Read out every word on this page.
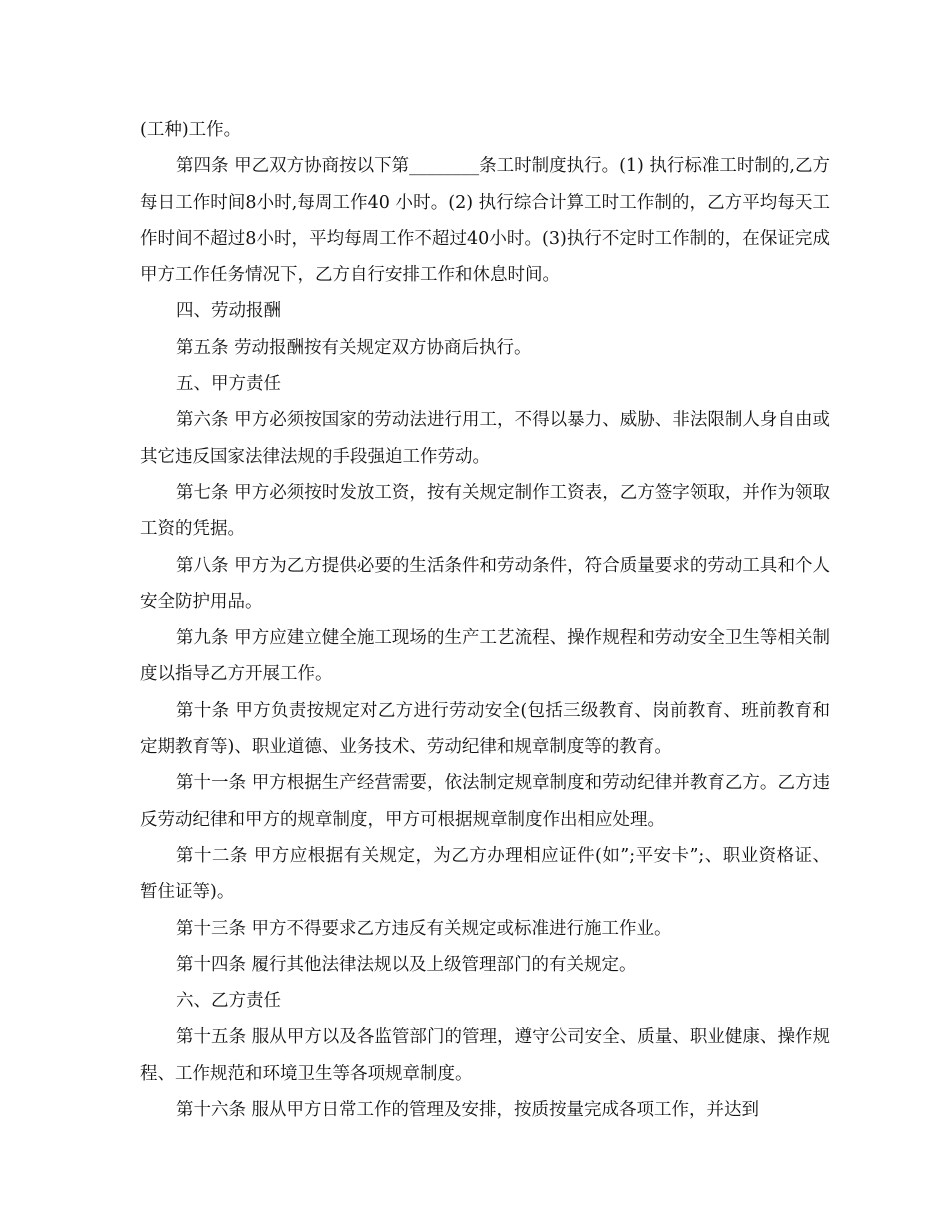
(工种)工作。

第四条 甲乙双方协商按以下第________条工时制度执行。(1) 执行标准工时制的,乙方每日工作时间8小时,每周工作40 小时。(2) 执行综合计算工时工作制的，乙方平均每天工作时间不超过8小时，平均每周工作不超过40小时。(3)执行不定时工作制的，在保证完成甲方工作任务情况下，乙方自行安排工作和休息时间。

四、劳动报酬

第五条 劳动报酬按有关规定双方协商后执行。

五、甲方责任

第六条 甲方必须按国家的劳动法进行用工，不得以暴力、威胁、非法限制人身自由或其它违反国家法律法规的手段强迫工作劳动。

第七条 甲方必须按时发放工资，按有关规定制作工资表，乙方签字领取，并作为领取工资的凭据。

第八条 甲方为乙方提供必要的生活条件和劳动条件，符合质量要求的劳动工具和个人安全防护用品。

第九条 甲方应建立健全施工现场的生产工艺流程、操作规程和劳动安全卫生等相关制度以指导乙方开展工作。

第十条 甲方负责按规定对乙方进行劳动安全(包括三级教育、岗前教育、班前教育和定期教育等)、职业道德、业务技术、劳动纪律和规章制度等的教育。

第十一条 甲方根据生产经营需要，依法制定规章制度和劳动纪律并教育乙方。乙方违反劳动纪律和甲方的规章制度，甲方可根据规章制度作出相应处理。

第十二条 甲方应根据有关规定，为乙方办理相应证件(如”;平安卡”;、职业资格证、暂住证等)。

第十三条 甲方不得要求乙方违反有关规定或标准进行施工作业。

第十四条 履行其他法律法规以及上级管理部门的有关规定。

六、乙方责任

第十五条 服从甲方以及各监管部门的管理，遵守公司安全、质量、职业健康、操作规程、工作规范和环境卫生等各项规章制度。

第十六条 服从甲方日常工作的管理及安排，按质按量完成各项工作，并达到
